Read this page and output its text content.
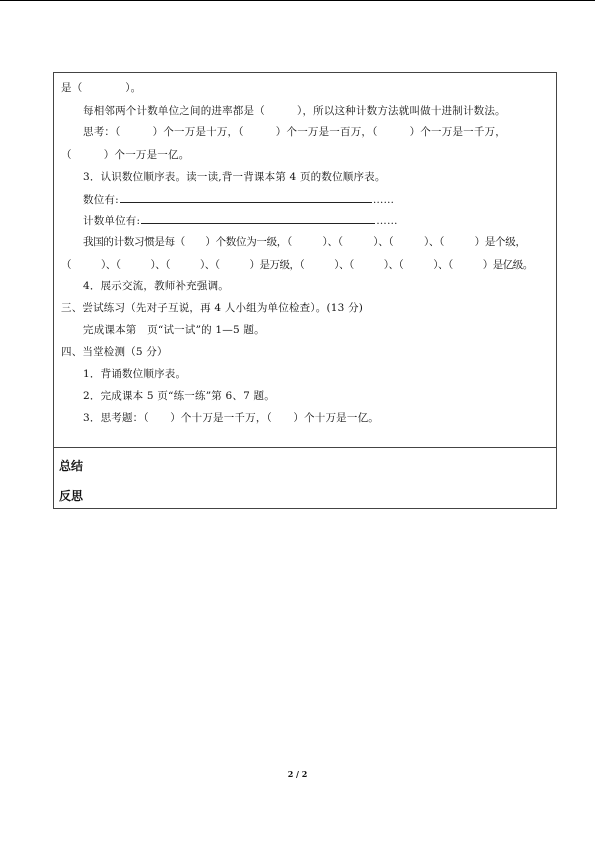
是（　　　　）。
每相邻两个计数单位之间的进率都是（　　　），所以这种计数方法就叫做十进制计数法。
思考：（　　　）个一万是十万，（　　　）个一万是一百万，（　　　）个一万是一千万，
（　　　）个一万是一亿。
3．认识数位顺序表。读一读,背一背课本第 4 页的数位顺序表。
数位有:	……
计数单位有:	……
我国的计数习惯是每（　　）个数位为一级，（　　　）、（　　　）、（　　　）、（　　　）是个级，
（　　　）、（　　　）、（　　　）、（　　　）是万级，（　　　）、（　　　）、（　　　）、（　　　）是亿级。
4．展示交流，教师补充强调。
三、尝试练习（先对子互说，再 4 人小组为单位检查）。(13 分)
完成课本第　页“试一试”的 1—5 题。
四、当堂检测（5 分）
1．背诵数位顺序表。
2．完成课本 5 页“练一练”第 6、7 题。
3．思考题：（　　）个十万是一千万，（　　）个十万是一亿。
总结
反思
2 / 2
